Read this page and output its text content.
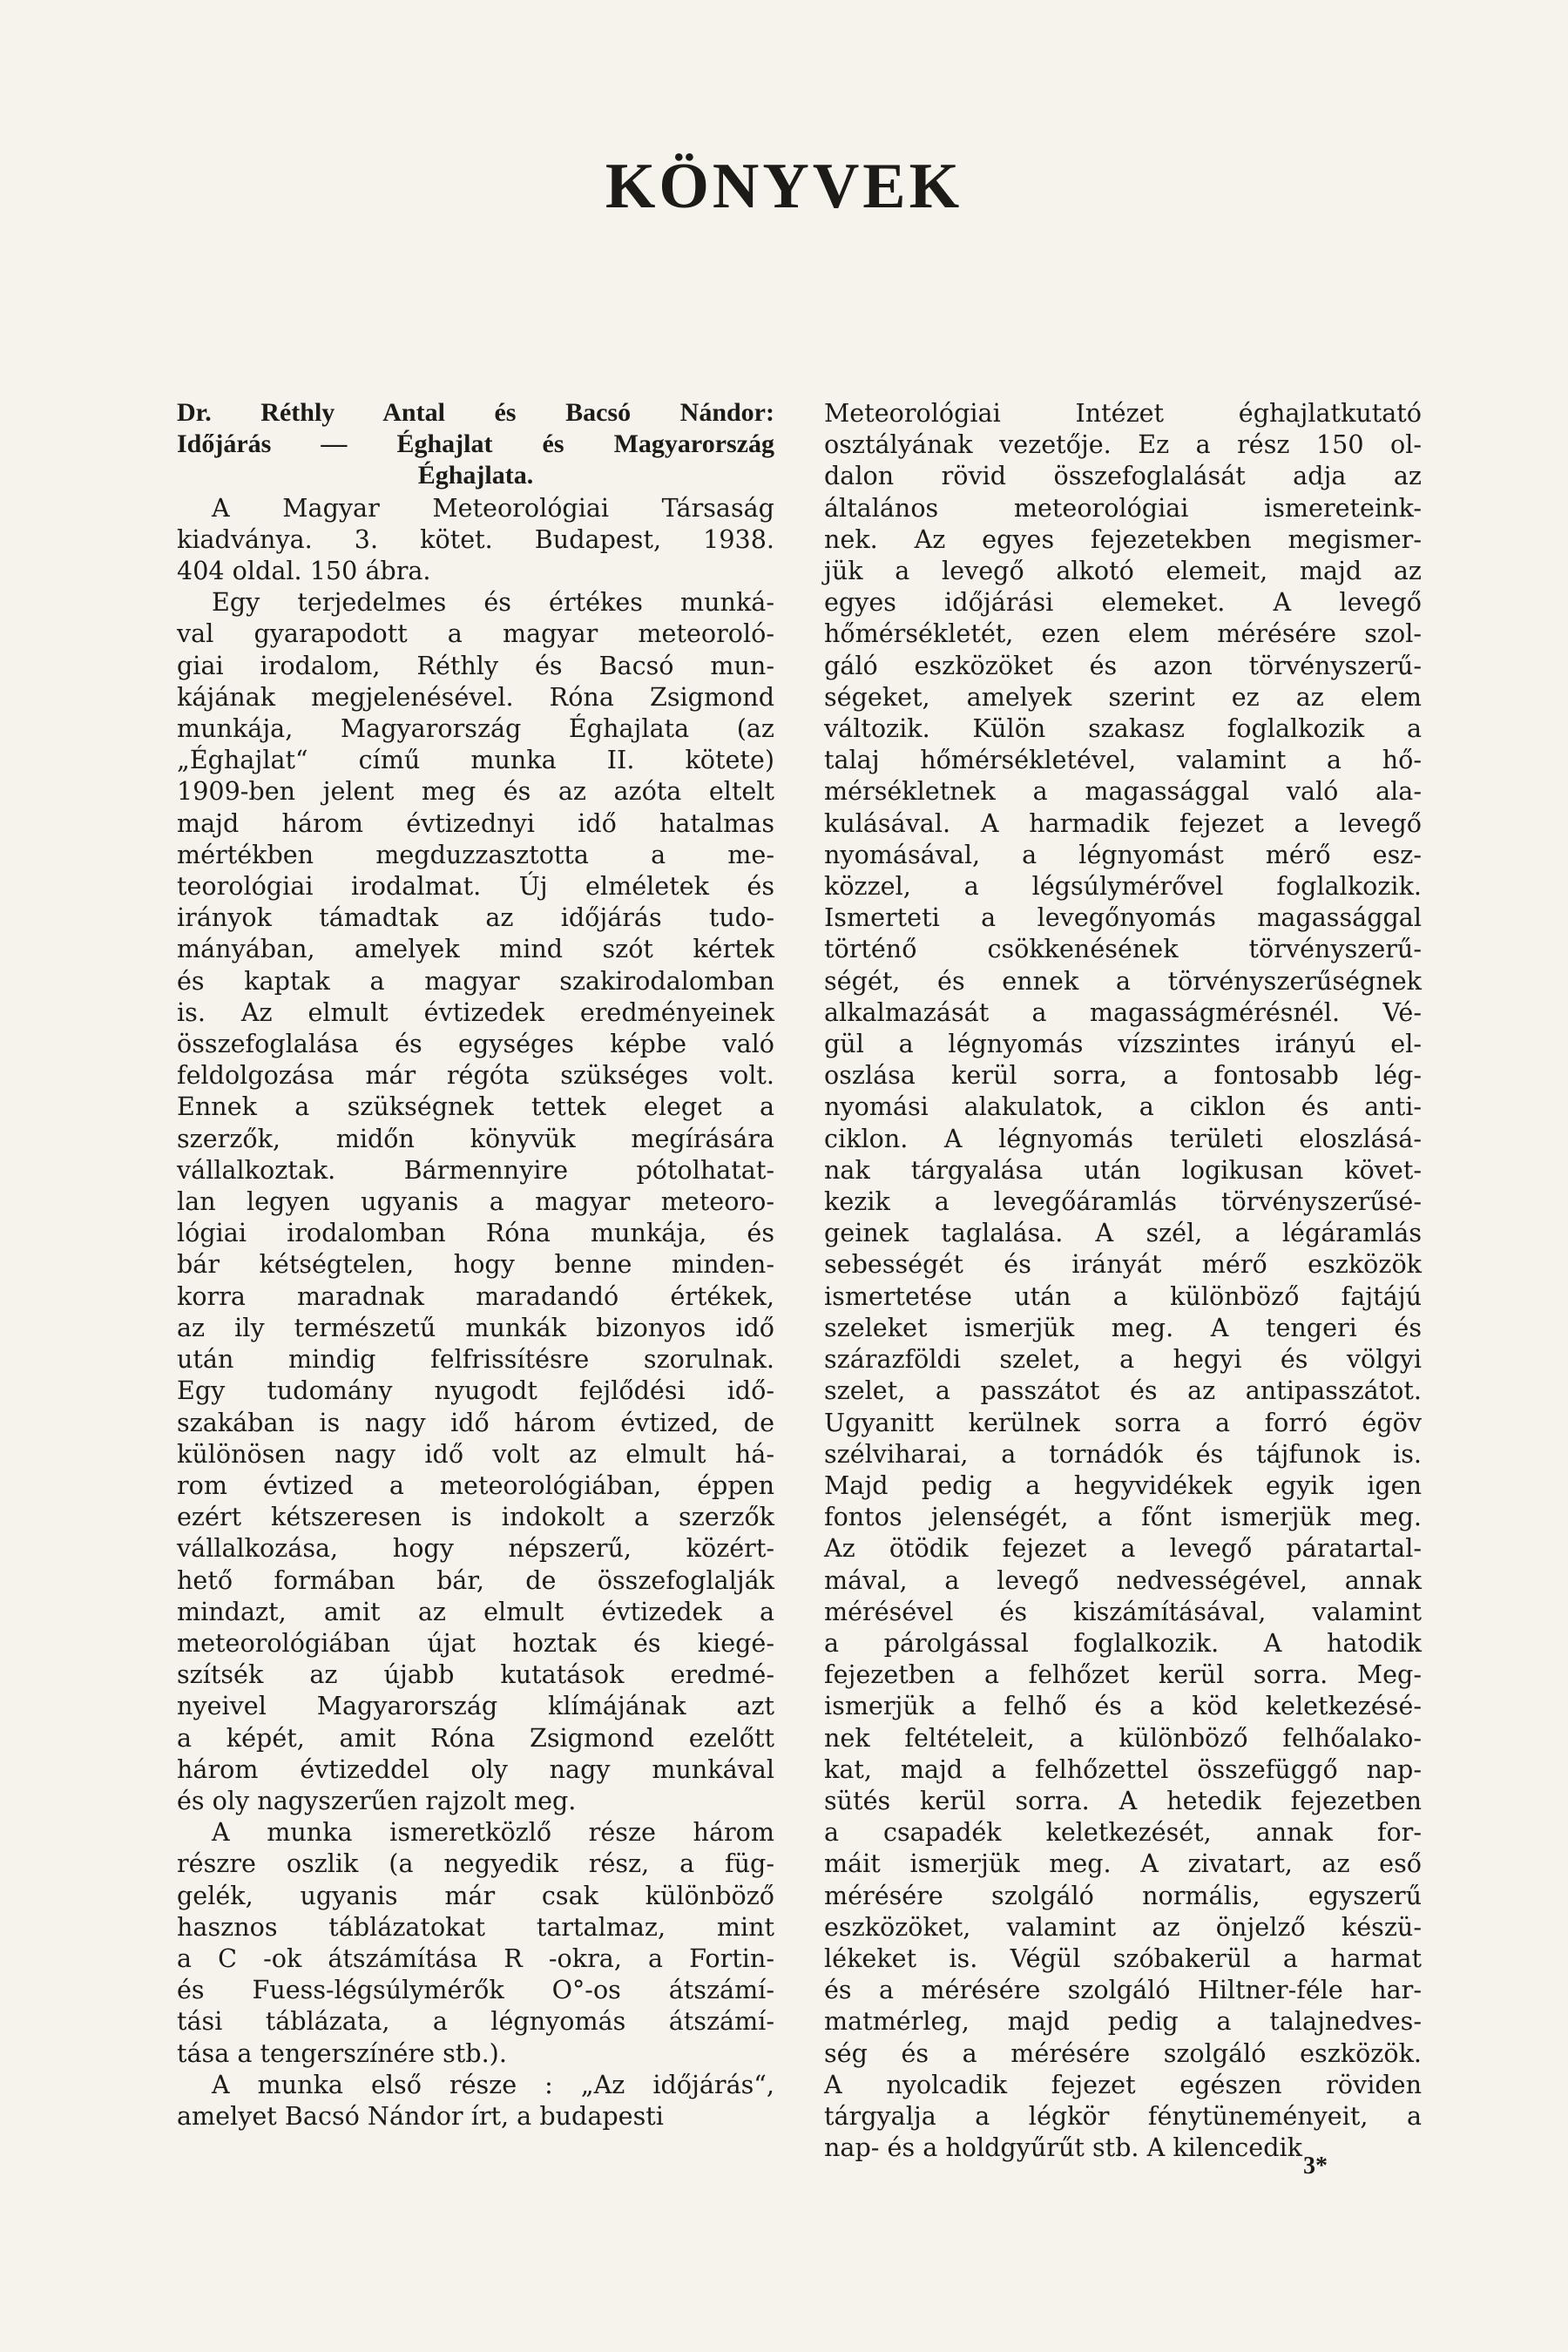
KÖNYVEK
Dr. Réthly Antal és Bacsó Nándor:
Időjárás — Éghajlat és Magyarország
Éghajlata.
A Magyar Meteorológiai Társaság
kiadványa. 3. kötet. Budapest, 1938.
404 oldal. 150 ábra.
Egy terjedelmes és értékes munká-
val gyarapodott a magyar meteoroló-
giai irodalom, Réthly és Bacsó mun-
kájának megjelenésével. Róna Zsigmond
munkája, Magyarország Éghajlata (az
„Éghajlat“ című munka II. kötete)
1909-ben jelent meg és az azóta eltelt
majd három évtizednyi idő hatalmas
mértékben megduzzasztotta a me-
teorológiai irodalmat. Új elméletek és
irányok támadtak az időjárás tudo-
mányában, amelyek mind szót kértek
és kaptak a magyar szakirodalomban
is. Az elmult évtizedek eredményeinek
összefoglalása és egységes képbe való
feldolgozása már régóta szükséges volt.
Ennek a szükségnek tettek eleget a
szerzők, midőn könyvük megírására
vállalkoztak. Bármennyire pótolhatat-
lan legyen ugyanis a magyar meteoro-
lógiai irodalomban Róna munkája, és
bár kétségtelen, hogy benne minden-
korra maradnak maradandó értékek,
az ily természetű munkák bizonyos idő
után mindig felfrissítésre szorulnak.
Egy tudomány nyugodt fejlődési idő-
szakában is nagy idő három évtized, de
különösen nagy idő volt az elmult há-
rom évtized a meteorológiában, éppen
ezért kétszeresen is indokolt a szerzők
vállalkozása, hogy népszerű, közért-
hető formában bár, de összefoglalják
mindazt, amit az elmult évtizedek a
meteorológiában újat hoztak és kiegé-
szítsék az újabb kutatások eredmé-
nyeivel Magyarország klímájának azt
a képét, amit Róna Zsigmond ezelőtt
három évtizeddel oly nagy munkával
és oly nagyszerűen rajzolt meg.
A munka ismeretközlő része három
részre oszlik (a negyedik rész, a füg-
gelék, ugyanis már csak különböző
hasznos táblázatokat tartalmaz, mint
a C -ok átszámítása R -okra, a Fortin-
és Fuess-légsúlymérők O°-os átszámí-
tási táblázata, a légnyomás átszámí-
tása a tengerszínére stb.).
A munka első része : „Az időjárás“,
amelyet Bacsó Nándor írt, a budapesti
Meteorológiai Intézet éghajlatkutató
osztályának vezetője. Ez a rész 150 ol-
dalon rövid összefoglalását adja az
általános meteorológiai ismereteink-
nek. Az egyes fejezetekben megismer-
jük a levegő alkotó elemeit, majd az
egyes időjárási elemeket. A levegő
hőmérsékletét, ezen elem mérésére szol-
gáló eszközöket és azon törvényszerű-
ségeket, amelyek szerint ez az elem
változik. Külön szakasz foglalkozik a
talaj hőmérsékletével, valamint a hő-
mérsékletnek a magassággal való ala-
kulásával. A harmadik fejezet a levegő
nyomásával, a légnyomást mérő esz-
közzel, a légsúlymérővel foglalkozik.
Ismerteti a levegőnyomás magassággal
történő csökkenésének törvényszerű-
ségét, és ennek a törvényszerűségnek
alkalmazását a magasságmérésnél. Vé-
gül a légnyomás vízszintes irányú el-
oszlása kerül sorra, a fontosabb lég-
nyomási alakulatok, a ciklon és anti-
ciklon. A légnyomás területi eloszlásá-
nak tárgyalása után logikusan követ-
kezik a levegőáramlás törvényszerűsé-
geinek taglalása. A szél, a légáramlás
sebességét és irányát mérő eszközök
ismertetése után a különböző fajtájú
szeleket ismerjük meg. A tengeri és
szárazföldi szelet, a hegyi és völgyi
szelet, a passzátot és az antipasszátot.
Ugyanitt kerülnek sorra a forró égöv
szélviharai, a tornádók és tájfunok is.
Majd pedig a hegyvidékek egyik igen
fontos jelenségét, a főnt ismerjük meg.
Az ötödik fejezet a levegő páratartal-
mával, a levegő nedvességével, annak
mérésével és kiszámításával, valamint
a párolgással foglalkozik. A hatodik
fejezetben a felhőzet kerül sorra. Meg-
ismerjük a felhő és a köd keletkezésé-
nek feltételeit, a különböző felhőalako-
kat, majd a felhőzettel összefüggő nap-
sütés kerül sorra. A hetedik fejezetben
a csapadék keletkezését, annak for-
máit ismerjük meg. A zivatart, az eső
mérésére szolgáló normális, egyszerű
eszközöket, valamint az önjelző készü-
lékeket is. Végül szóbakerül a harmat
és a mérésére szolgáló Hiltner-féle har-
matmérleg, majd pedig a talajnedves-
ség és a mérésére szolgáló eszközök.
A nyolcadik fejezet egészen röviden
tárgyalja a légkör fénytüneményeit, a
nap- és a holdgyűrűt stb. A kilencedik
3*
